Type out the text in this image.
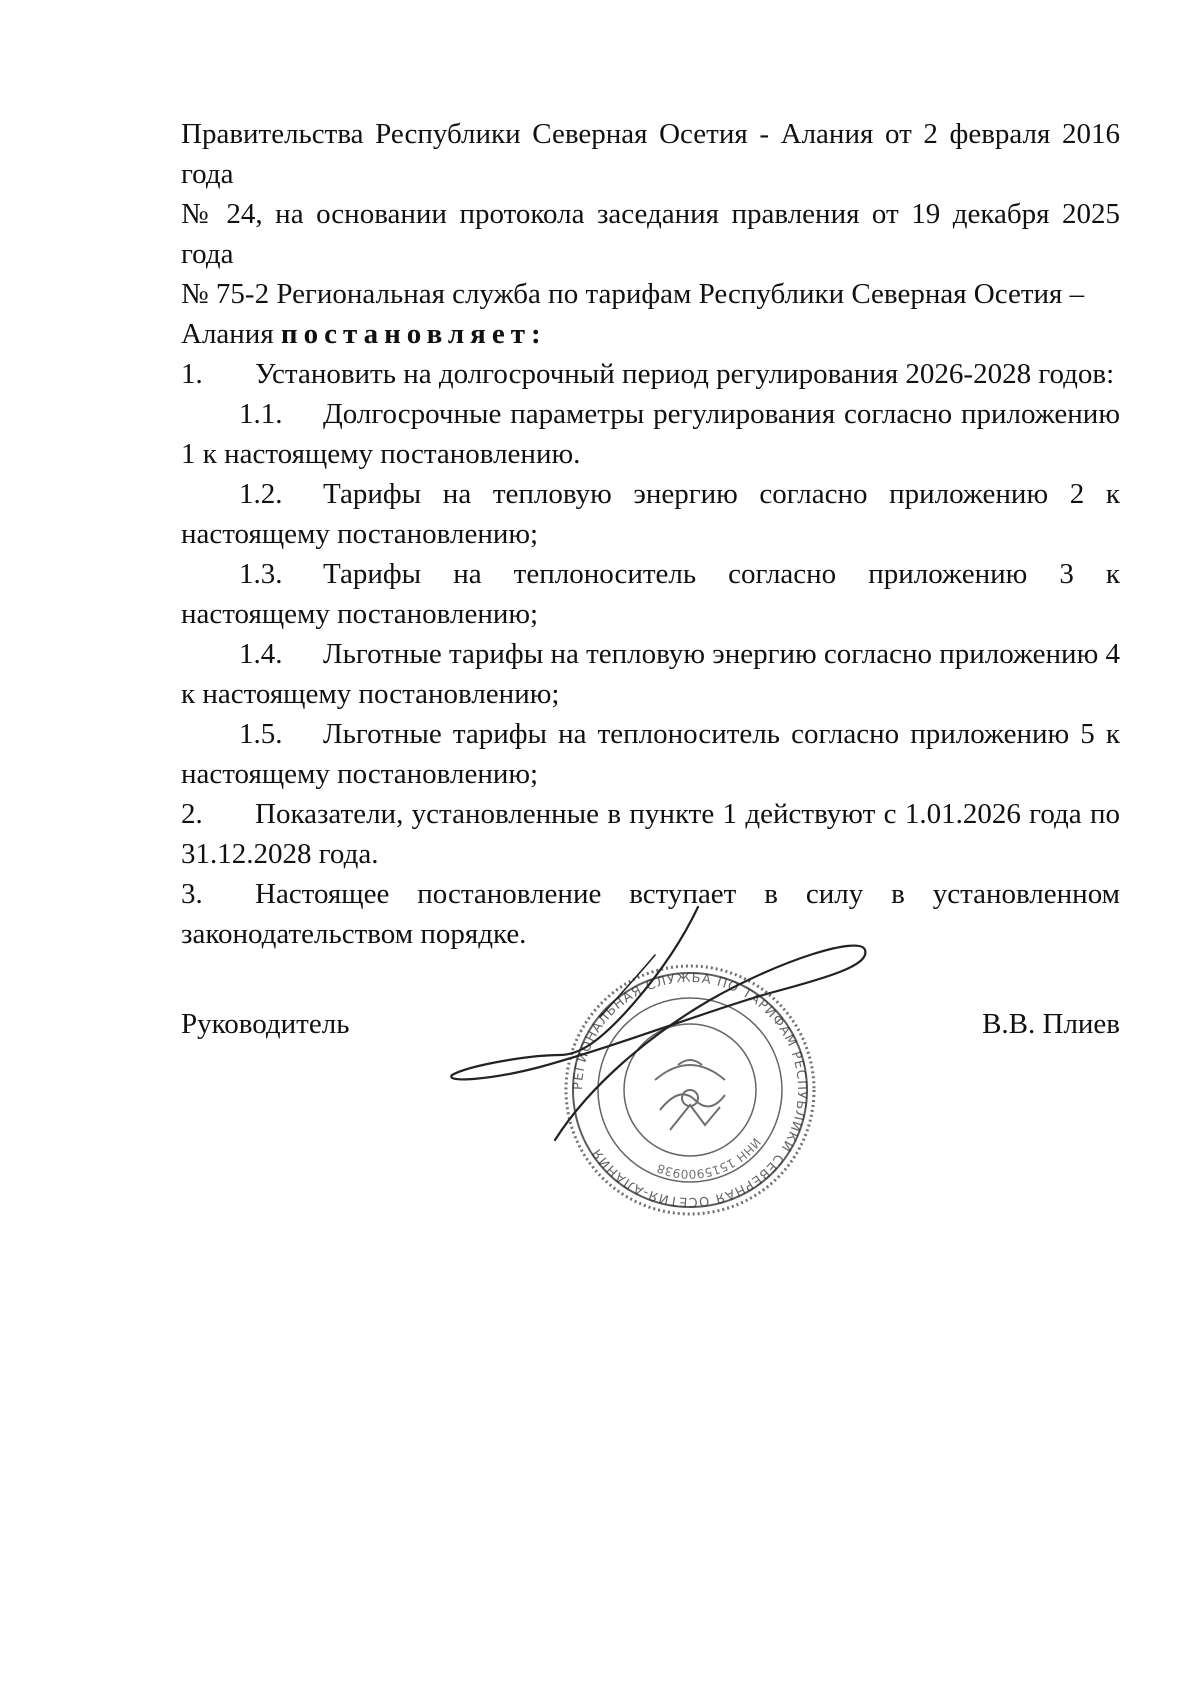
Правительства Республики Северная Осетия - Алания от 2 февраля 2016 года
№ 24, на основании протокола заседания правления от 19 декабря 2025 года
№ 75-2 Региональная служба по тарифам Республики Северная Осетия –
Алания постановляет:

1. Установить на долгосрочный период регулирования 2026-2028 годов:

1.1. Долгосрочные параметры регулирования согласно приложению 1 к настоящему постановлению.

1.2. Тарифы на тепловую энергию согласно приложению 2 к настоящему постановлению;

1.3. Тарифы на теплоноситель согласно приложению 3 к настоящему постановлению;

1.4. Льготные тарифы на тепловую энергию согласно приложению 4 к настоящему постановлению;

1.5. Льготные тарифы на теплоноситель согласно приложению 5 к настоящему постановлению;

2. Показатели, установленные в пункте 1 действуют с 1.01.2026 года по 31.12.2028 года.

3. Настоящее постановление вступает в силу в установленном законодательством порядке.

РЕГИОНАЛЬНАЯ СЛУЖБА ПО ТАРИФАМ РЕСПУБЛИКИ СЕВЕРНАЯ ОСЕТИЯ-АЛАНИЯ
ИНН 1515900938
Руководитель	В.В. Плиев
